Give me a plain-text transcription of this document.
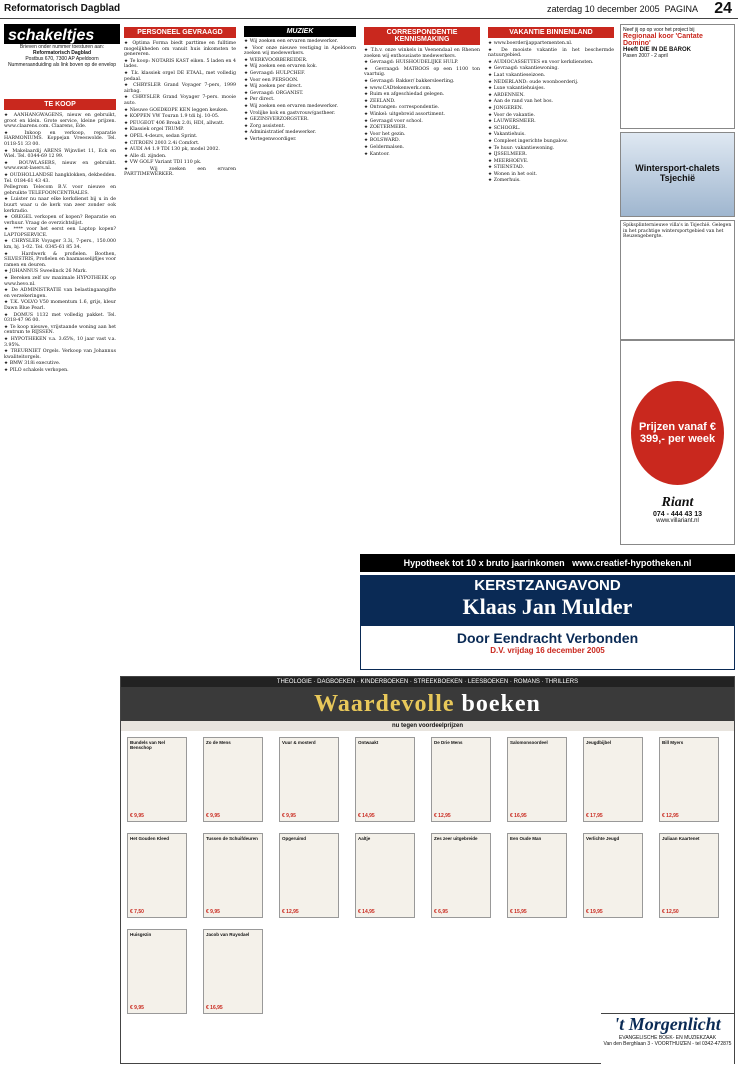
Reformatorisch Dagblad	zaterdag 10 december 2005 PAGINA 24
schakeltjes
Brieven onder nummer toesturen aan:
Reformatorisch Dagblad
Postbus 670, 7300 AP Apeldoorn
Nummeraanduiding als link boven op de envelop
TE KOOP

★ AANHANGWAGENS, nieuw en gebruikt, groot en klein. Grote service, kleine prijzen. www.claarens.com. Claarens, Ede.

★ Inkoop en verkoop, reparatie HARMONIUMS. Koppejan Vreeswolde. Tel. 0118-51 33 00.

★ Makelaardij ARENS Wijnvliet 11, Eck en Wiel. Tel. 0344-69 12 99.

★ BOUWLASERS, nieuw en gebruikt. www.swat-lasers.nl.

★ OUDHOLLANDSE hangklokken, dekbedden. Tel. 0184-61 43 43.

Pellegrom Telecom B.V. voor nieuwe en gebruikte TELEFOONCENTRALES.

★ Luister nu naar elke kerkdienst bij u in de buurt waar u de kerk van zeer zonder ook kerkradio.

★ OREGEL verkopen of kopen? Reparatie en verhuur. Vraag de overzichtslijst.

★ **** voor het eerst een Laptop kopen? LAPTOPSERVICE.

★ CHRYSLER Voyager 3.3i, 7-pers., 150.000 km, bj. 1-02. Tel. 0345-61 85 34.

★ Hardwerk & profielen. Boothen, SILVESTRIS, Profielen en baamasselijfijes voor ramen en deuren.

★ JOHANNUS Sweelinck 26 Mark.

★ Bereken zelf uw maximale HYPOTHEEK op www.hevo.nl.

★ De ADMINISTRATIE van belastingaangifte en verzekeringen.

★ T.K. VOLVO V50 momentum 1.6, grijs, kleur Dawn Blue Pearl.

★ DOMUS 1132 met volledig pakket. Tel. 0318-47 96 00.

★ Te koop nieuwe, vrijstaande woning aan het centrum te RIJSSEN.

★ HYPOTHEKEN v.a. 3.65%, 10 jaar vast v.a. 3.95%.

★ TREURNIET Orgels. Verkoop van Johannus kwaliteitorgels.

★ BMW 318i executive.

★ PILO schakels verkopen.

PERSONEEL GEVRAAGD

★ Optima Forma biedt parttime en fulltime mogelijkheden om vanuit huis inkomsten te genereren.

★ Te koop: NOTARIS KAST eiken. 5 laden en 4 lades.

★ T.k. klassiek orgel DE ETAAL, met volledig pedaal.

★ CHRYSLER Grand Voyager 7-pers, 1999 airbag.

★ CHRYSLER Grand Voyager 7-pers. mooie auto.

★ Nieuwe GOEDKOPE KEN leggen keuken.

★ KOPPEN VW Touran 1.9 tdi bj. 10-05.

★ PEUGEOT 406 Break 2.0i, HDI, allwatt.

★ Klassiek orgel TRUMP.

★ OPEL 4-deurs, sedan Sprint.

★ CITROEN 2003 2.4i Comfort.

★ AUDI A4 1.9 TDI 130 pk, model 2002.

★ Alle dl. zijnden.

★ VW GOLF Variant TDI 110 pk.

★ Wij zoeken een ervaren PARTTIMEWERKER.

MUZIEK

★ Wij zoeken een ervaren medewerker.

★ Voor onze nieuwe vestiging in Apeldoorn zoeken wij medewerkers.

★ WERKVOORBEREIDER.

★ Wij zoeken een ervaren kok.

★ Gevraagd: HULPCHEF.

★ Voor een PERSOON.

★ Wij zoeken per direct.

★ Gevraagd: ORGANIST.

★ Per direct.

★ Wij zoeken een ervaren medewerker.

★ Vrolijke kok en gastvrouw/gastheer.

★ GEZINSVERZORGSTER.

★ Zorg assistent.

★ Administratief medewerker.

★ Vertegenwoordiger.

CORRESPONDENTIE KENNISMAKING

★ T.h.v. onze winkels in Veenendaal en Rhenen zoeken wij enthousiaste medewerkers.

★ Gevraagd: HUISHOUDELIJKE HULP.

★ Gevraagd: MATROOS op een 1100 ton vaartuig.

★ Gevraagd: Bakker/ bakkersleerling.

★ www.CADtekenwerk.com.

★ Ruim en afgeschiedad gelegen.

★ ZEELAND.

★ Ontvangen: correspondentie.

★ Winkel: uitgebreid assortiment.

★ Gevraagd voor school.

★ ZOETERMEER.

★ Voor het gezin.

★ BOLSWARD.

★ Geldermalsen.

★ Kantoor.

VAKANTIE BINNENLAND

★ www.boerderijappartementen.nl.

★ De mooiste vakantie in het beschermde natuurgebied.

★ AUDIOCASSETTES en voor kerkdiensten.

★ Gevraagd: vakantiewoning.

★ Laat vakantieseizoen.

★ NEDERLAND: oude woonboerderij.

★ Luxe vakantiehuisjes.

★ ARDENNEN.

★ Aan de rand van het bos.

★ JONGEREN.

★ Voor de vakantie.

★ LAUWERSMEER.

★ SCHOORL.

★ Vakantiehuis.

★ Compleet ingerichte bungalow.

★ Te huur: vakantiewoning.

★ IJSSELMEER.

★ MEERHOEVE.

★ STIENSTAD.

★ Wonen in het ooit.

★ Zomerhuis.

Neef jij op op voor het project bij
Regionaal koor 'Cantate Domino'
Heeft DIE IN DE BAROK
Pasen 2007 - 2 april
Wintersport-chalets Tsjechië
Spiksplinternieuwe villa's in Tsjechië. Gelegen in het prachtige wintersportgebied van het Reuzengebergte.
Prijzen vanaf € 399,- per week
Riant
074 - 444 43 13
www.villariant.nl
Hypotheek tot 10 x bruto jaarinkomen www.creatief-hypotheken.nl
KERSTZANGAVOND
Klaas Jan Mulder
Door Eendracht Verbonden
D.V. vrijdag 16 december 2005
THEOLOGIE · DAGBOEKEN · KINDERBOEKEN · STREEKBOEKEN · LEESBOEKEN · ROMANS · THRILLERS
Waardevolle boeken
nu tegen voordeelprijzen
Bundels van Nel Benschop
€ 9,95
Zo de Mens
€ 9,95
Vuur & mosterd
€ 9,95
Ontwaakt
€ 14,95
De Drie Mens
€ 12,95
Salomonsoordeel
€ 16,95
Jeugdbijbel
€ 17,95
Bill Myers
€ 12,95
Het Gouden Kleed
€ 7,50
Tussen de Schuifdeuren
€ 9,95
Opgeruimd
€ 12,95
Aaltje
€ 14,95
Zes zeer uitgebreide
€ 6,95
Een Oude Man
€ 15,95
Verlichte Jeugd
€ 19,95
Juliaan Kaartenet
€ 12,50
Huisgezin
€ 9,95
Jacob van Ruysdael
€ 16,95
't Morgenlicht
EVANGELISCHE BOEK- EN MUZIEKZAAK
Van den Berghlaan 3 - VOORTHUIZEN - tel 0342-472875
